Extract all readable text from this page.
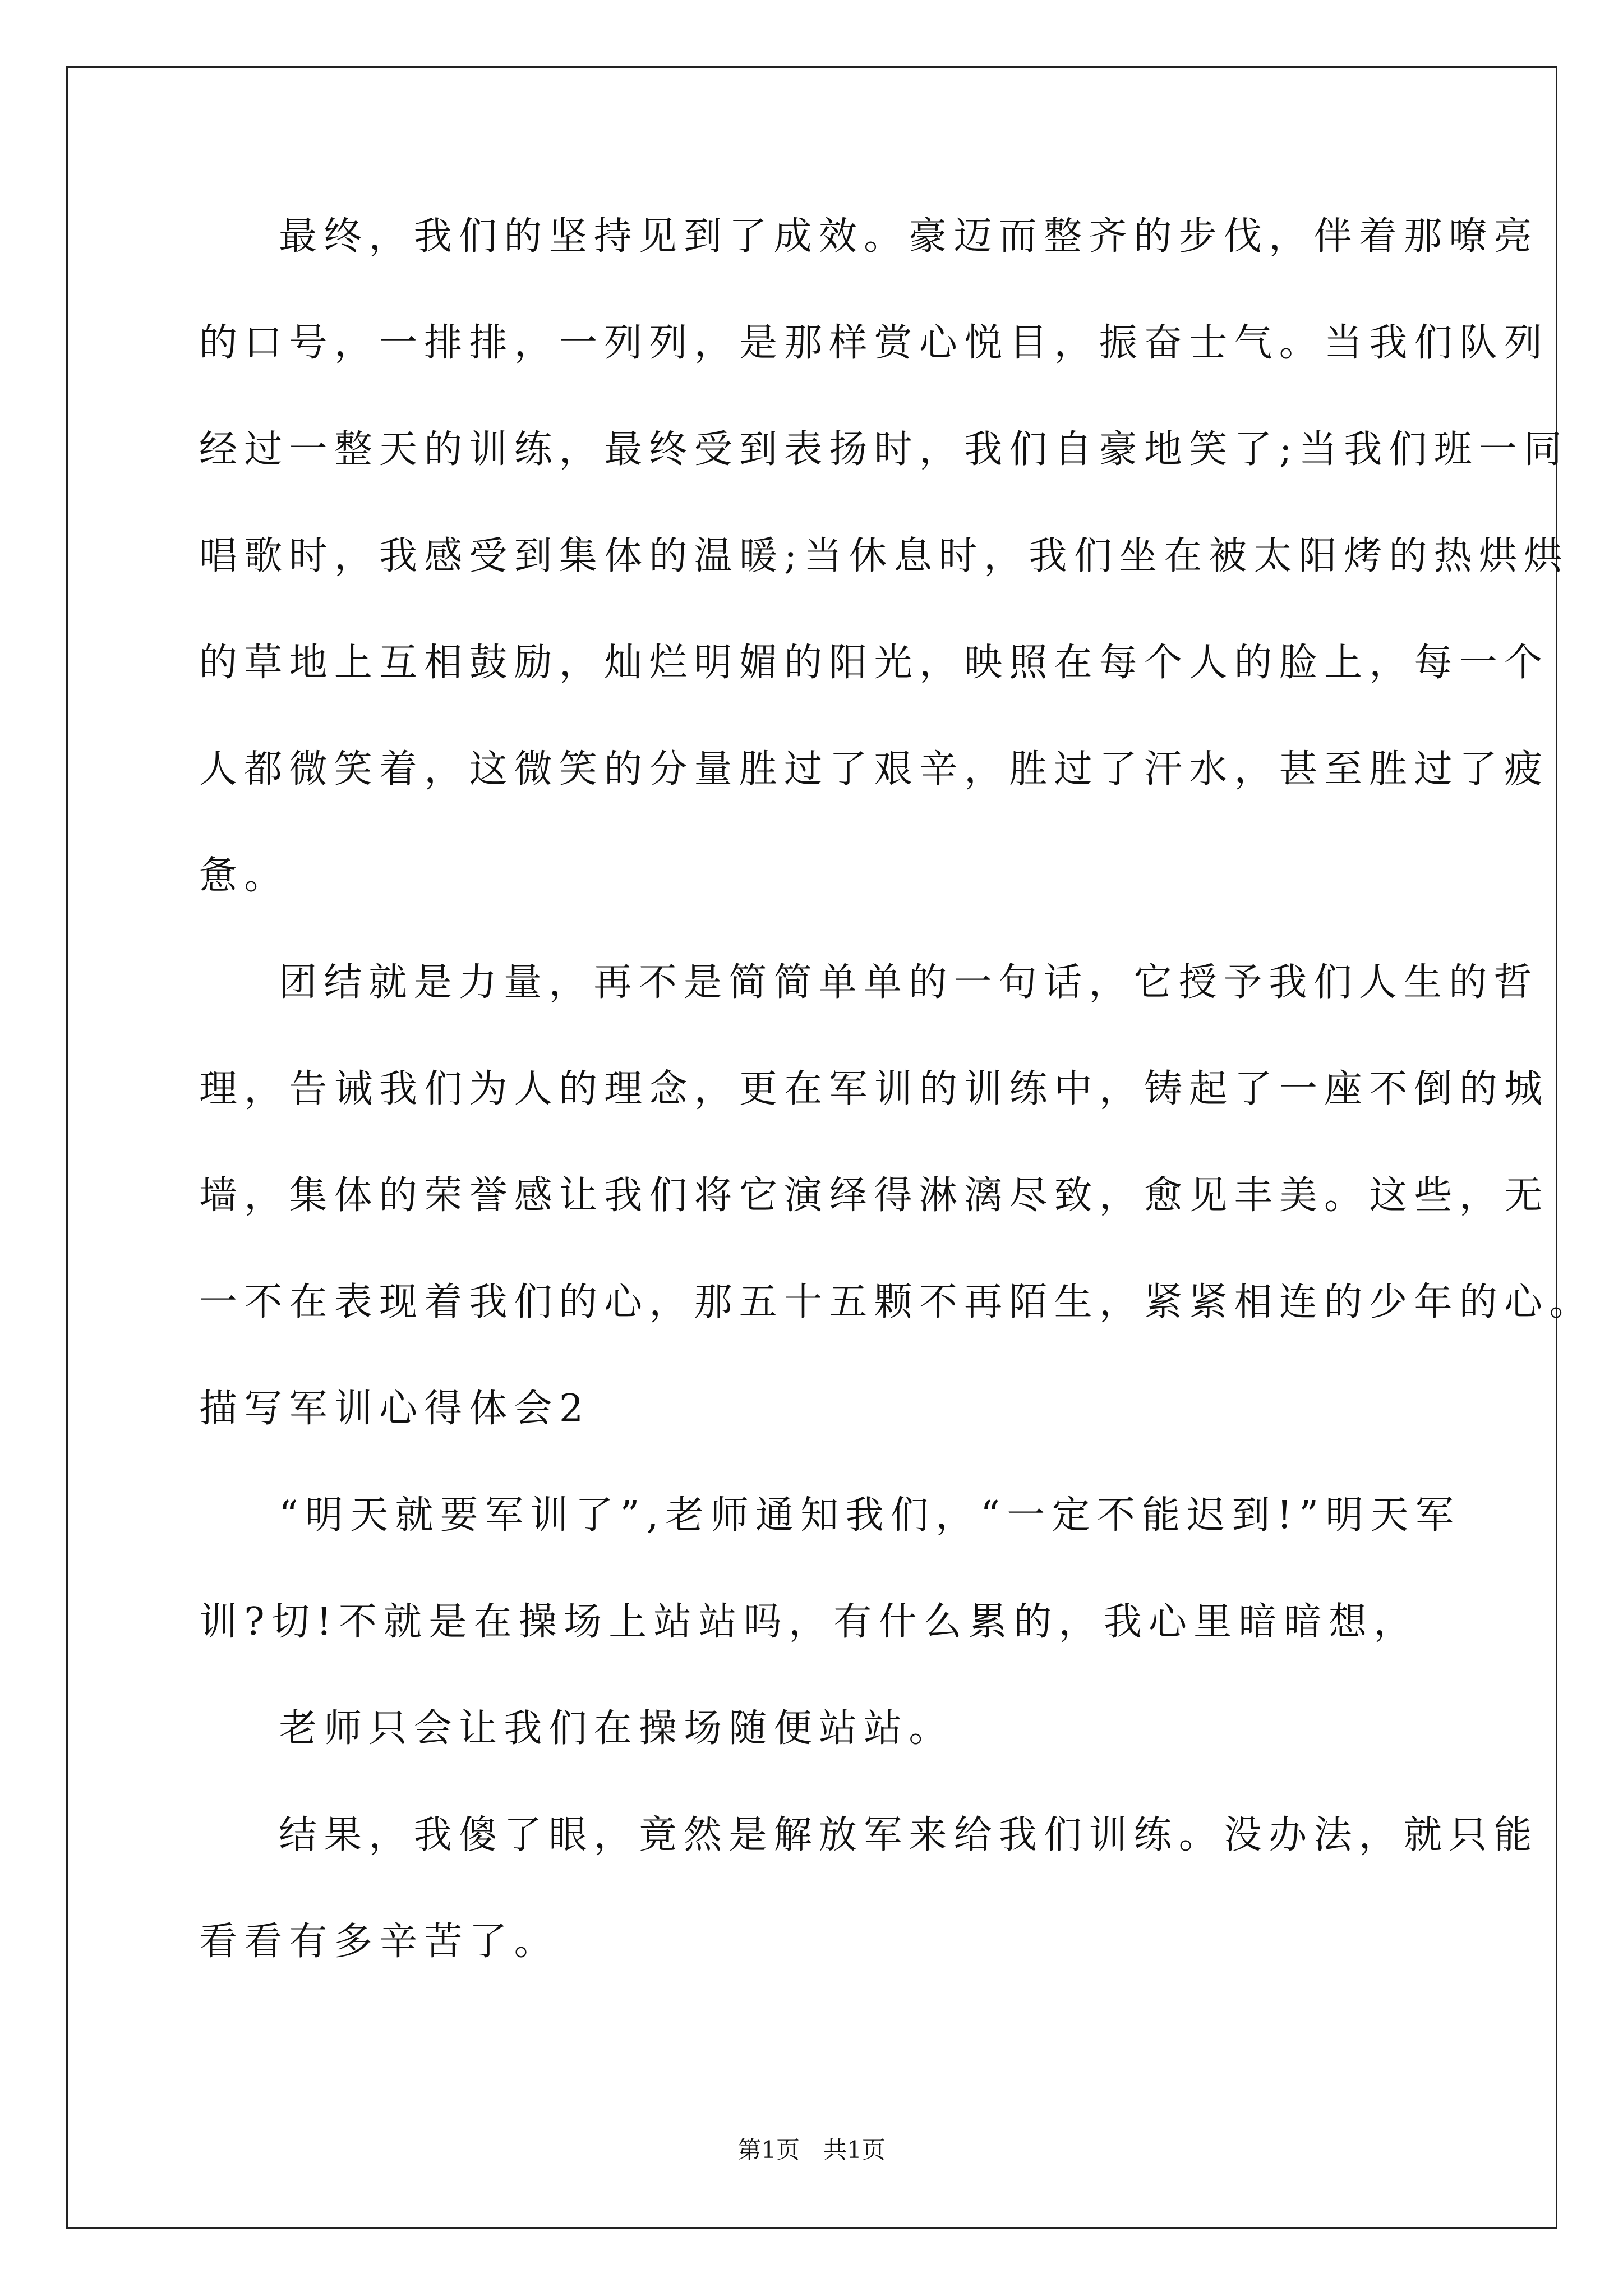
最终，我们的坚持见到了成效。豪迈而整齐的步伐，伴着那嘹亮
的口号，一排排，一列列，是那样赏心悦目，振奋士气。当我们队列
经过一整天的训练，最终受到表扬时，我们自豪地笑了;当我们班一同
唱歌时，我感受到集体的温暖;当休息时，我们坐在被太阳烤的热烘烘
的草地上互相鼓励，灿烂明媚的阳光，映照在每个人的脸上，每一个
人都微笑着，这微笑的分量胜过了艰辛，胜过了汗水，甚至胜过了疲
惫。
团结就是力量，再不是简简单单的一句话，它授予我们人生的哲
理，告诫我们为人的理念，更在军训的训练中，铸起了一座不倒的城
墙，集体的荣誉感让我们将它演绎得淋漓尽致，愈见丰美。这些，无
一不在表现着我们的心，那五十五颗不再陌生，紧紧相连的少年的心。
描写军训心得体会2
“明天就要军训了”,老师通知我们，“一定不能迟到!”明天军
训?切!不就是在操场上站站吗，有什么累的，我心里暗暗想，
老师只会让我们在操场随便站站。
结果，我傻了眼，竟然是解放军来给我们训练。没办法，就只能
看看有多辛苦了。
第1页　共1页
